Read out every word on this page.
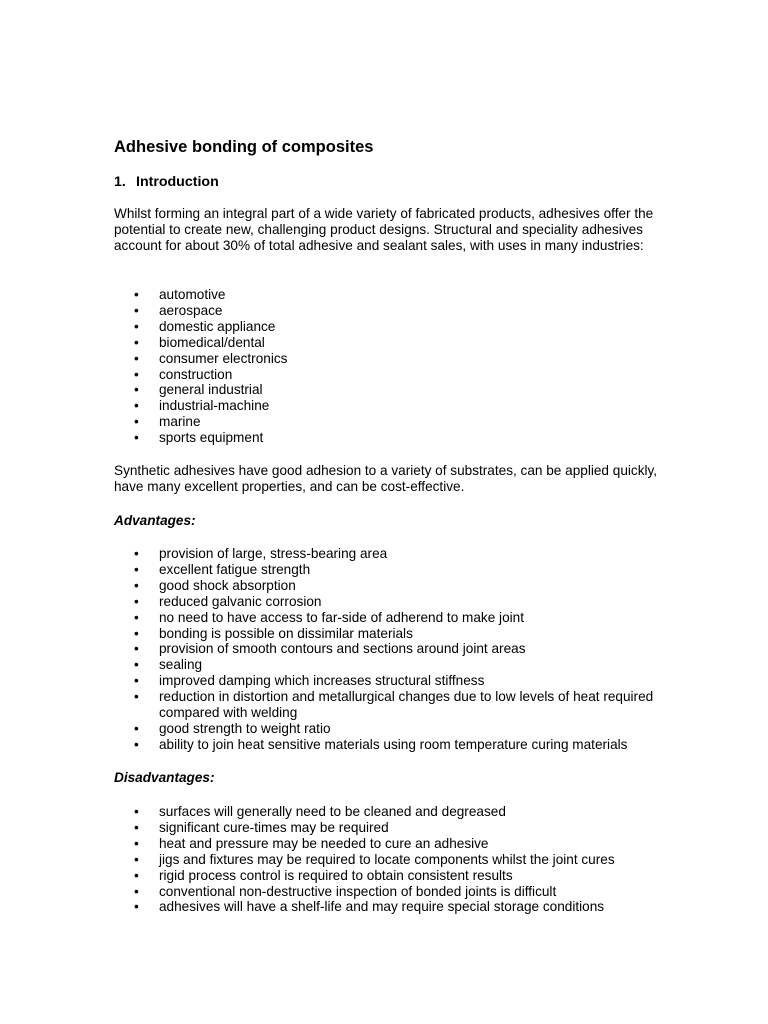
Adhesive bonding of composites
1. Introduction

Whilst forming an integral part of a wide variety of fabricated products, adhesives offer the potential to create new, challenging product designs. Structural and speciality adhesives account for about 30% of total adhesive and sealant sales, with uses in many industries:

• automotive
• aerospace
• domestic appliance
• biomedical/dental
• consumer electronics
• construction
• general industrial
• industrial-machine
• marine
• sports equipment

Synthetic adhesives have good adhesion to a variety of substrates, can be applied quickly, have many excellent properties, and can be cost-effective.

Advantages:

• provision of large, stress-bearing area
• excellent fatigue strength
• good shock absorption
• reduced galvanic corrosion
• no need to have access to far-side of adherend to make joint
• bonding is possible on dissimilar materials
• provision of smooth contours and sections around joint areas
• sealing
• improved damping which increases structural stiffness
• reduction in distortion and metallurgical changes due to low levels of heat required compared with welding
• good strength to weight ratio
• ability to join heat sensitive materials using room temperature curing materials

Disadvantages:

• surfaces will generally need to be cleaned and degreased
• significant cure-times may be required
• heat and pressure may be needed to cure an adhesive
• jigs and fixtures may be required to locate components whilst the joint cures
• rigid process control is required to obtain consistent results
• conventional non-destructive inspection of bonded joints is difficult
• adhesives will have a shelf-life and may require special storage conditions
